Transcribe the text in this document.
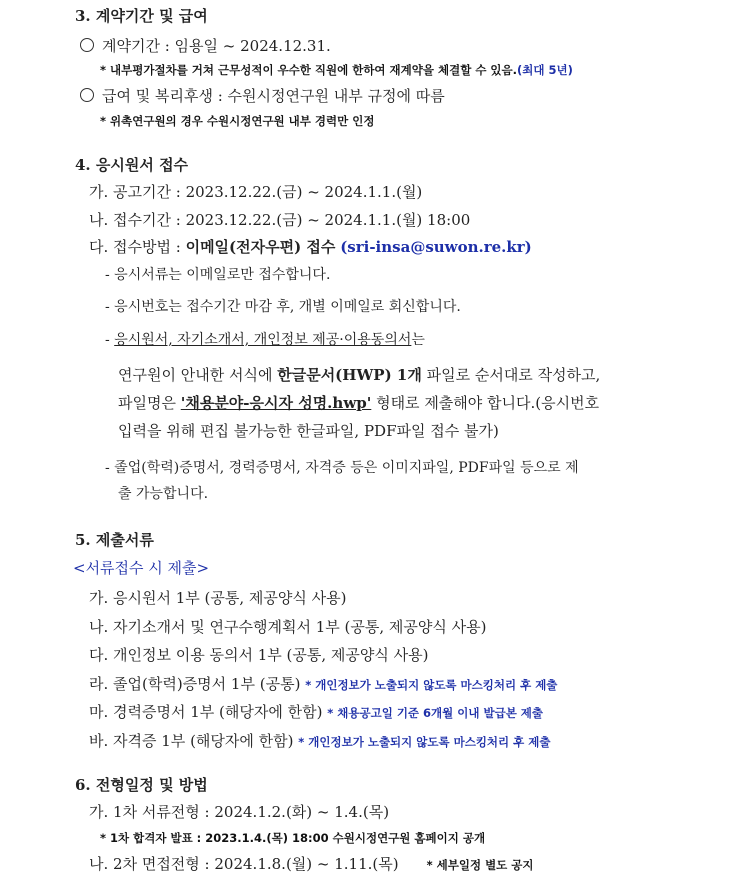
3. 계약기간 및 급여
계약기간 : 임용일 ~ 2024.12.31.
* 내부평가절차를 거쳐 근무성적이 우수한 직원에 한하여 재계약을 체결할 수 있음.(최대 5년)
급여 및 복리후생 : 수원시정연구원 내부 규정에 따름
* 위촉연구원의 경우 수원시정연구원 내부 경력만 인정
4. 응시원서 접수
가. 공고기간 : 2023.12.22.(금) ~ 2024.1.1.(월)
나. 접수기간 : 2023.12.22.(금) ~ 2024.1.1.(월) 18:00
다. 접수방법 : 이메일(전자우편) 접수 (sri-insa@suwon.re.kr)
- 응시서류는 이메일로만 접수합니다.
- 응시번호는 접수기간 마감 후, 개별 이메일로 회신합니다.
- 응시원서, 자기소개서, 개인정보 제공·이용동의서는
연구원이 안내한 서식에 한글문서(HWP) 1개 파일로 순서대로 작성하고,
파일명은 '채용분야-응시자 성명.hwp' 형태로 제출해야 합니다.(응시번호
입력을 위해 편집 불가능한 한글파일, PDF파일 접수 불가)
- 졸업(학력)증명서, 경력증명서, 자격증 등은 이미지파일, PDF파일 등으로 제
출 가능합니다.
5. 제출서류
<서류접수 시 제출>
가. 응시원서 1부 (공통, 제공양식 사용)
나. 자기소개서 및 연구수행계획서 1부 (공통, 제공양식 사용)
다. 개인정보 이용 동의서 1부 (공통, 제공양식 사용)
라. 졸업(학력)증명서 1부 (공통) * 개인정보가 노출되지 않도록 마스킹처리 후 제출
마. 경력증명서 1부 (해당자에 한함) * 채용공고일 기준 6개월 이내 발급본 제출
바. 자격증 1부 (해당자에 한함) * 개인정보가 노출되지 않도록 마스킹처리 후 제출
6. 전형일정 및 방법
가. 1차 서류전형 : 2024.1.2.(화) ~ 1.4.(목)
* 1차 합격자 발표 : 2023.1.4.(목) 18:00 수원시정연구원 홈페이지 공개
나. 2차 면접전형 : 2024.1.8.(월) ~ 1.11.(목) * 세부일정 별도 공지
